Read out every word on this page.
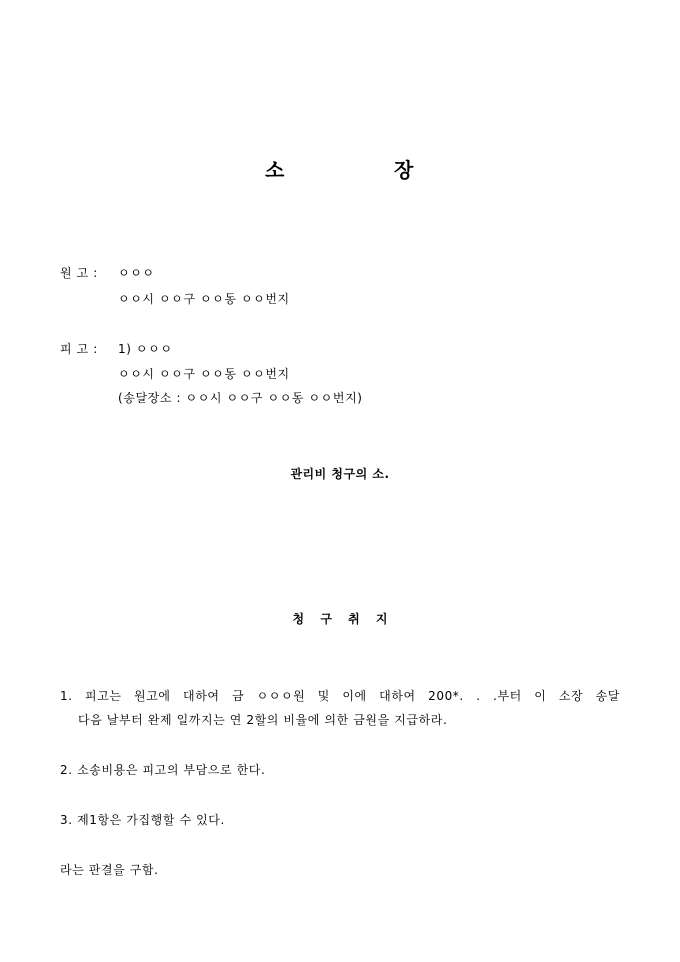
소	장
원 고 : ㅇㅇㅇ
ㅇㅇ시 ㅇㅇ구 ㅇㅇ동 ㅇㅇ번지
피 고 : 1) ㅇㅇㅇ
ㅇㅇ시 ㅇㅇ구 ㅇㅇ동 ㅇㅇ번지
(송달장소 : ㅇㅇ시 ㅇㅇ구 ㅇㅇ동 ㅇㅇ번지)
관리비 청구의 소.
청 구 취 지
1. 피고는 원고에 대하여 금 ㅇㅇㅇ원 및 이에 대하여 200*. . .부터 이 소장 송달
다음 날부터 완제 일까지는 연 2할의 비율에 의한 금원을 지급하라.
2. 소송비용은 피고의 부담으로 한다.
3. 제1항은 가집행할 수 있다.
라는 판결을 구함.
